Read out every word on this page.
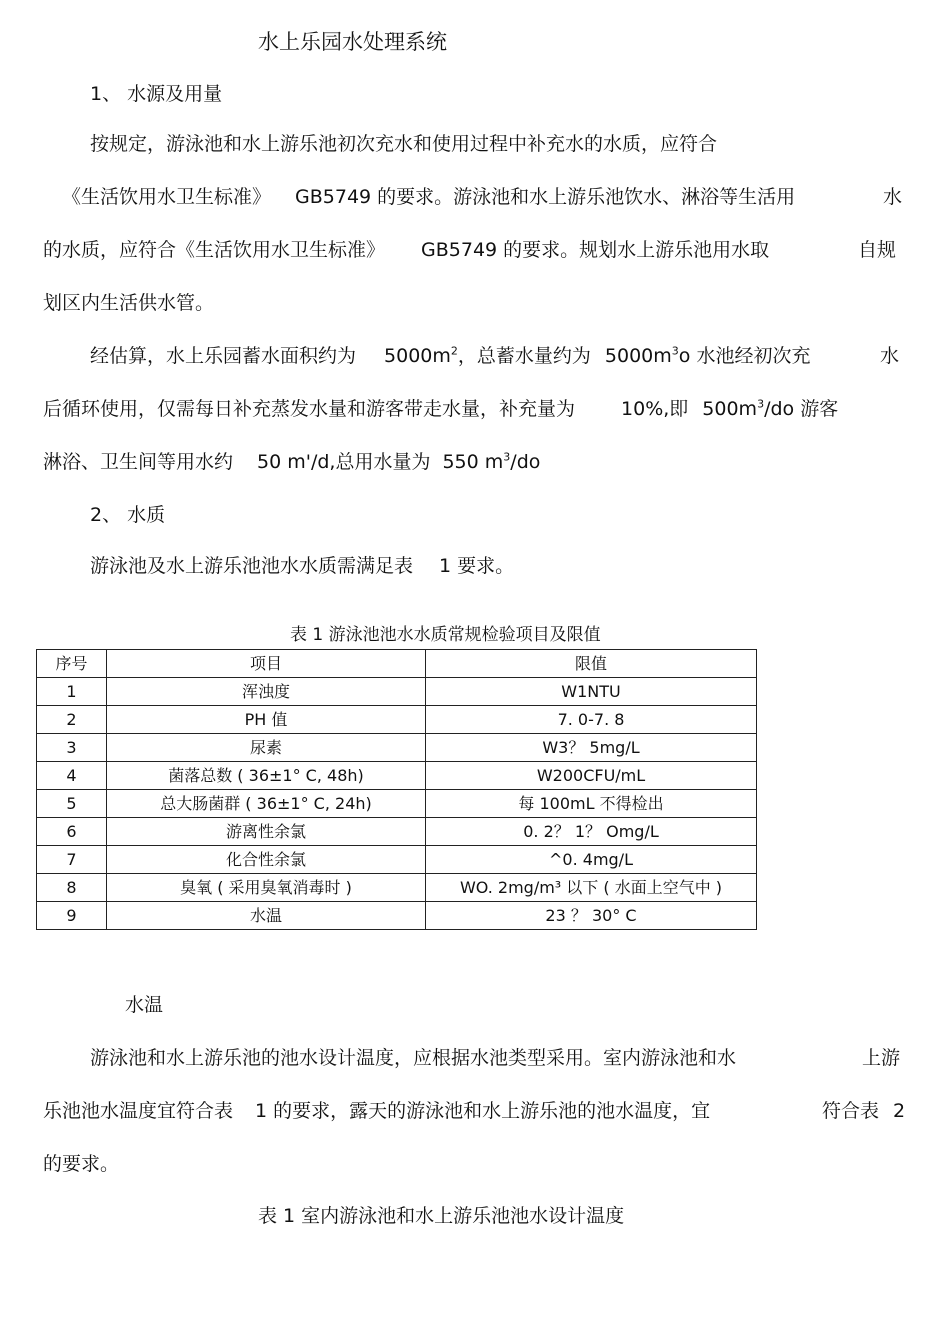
水上乐园水处理系统
1、 水源及用量
按规定，游泳池和水上游乐池初次充水和使用过程中补充水的水质，应符合
《生活饮用水卫生标准》 GB5749 的要求。游泳池和水上游乐池饮水、淋浴等生活用	水
的水质，应符合《生活饮用水卫生标准》 GB5749 的要求。规划水上游乐池用水取	自规
划区内生活供水管。
经估算，水上乐园蓄水面积约为 $5000m^2$，总蓄水量约为 $5000m^3o$ 水池经初次充	水
后循环使用，仅需每日补充蒸发水量和游客带走水量，补充量为 10%,即 $500m^3/do$ 游客
淋浴、卫生间等用水约 50 m'/d,总用水量为 550 $m^3/do$
2、 水质
游泳池及水上游乐池池水水质需满足表 1 要求。
表 1 游泳池池水水质常规检验项目及限值
序号	项目	限值
1	浑浊度	W1NTU
2	PH 值	7. 0-7. 8
3	尿素	W3？ 5mg/L
4	菌落总数 ( 36±1° C, 48h)	W200CFU/mL
5	总大肠菌群 ( 36±1° C, 24h)	每 100mL 不得检出
6	游离性余氯	0. 2？ 1？ Omg/L
7	化合性余氯	^0. 4mg/L
8	臭氧 ( 采用臭氧消毒时 )	WO. 2mg/m³ 以下 ( 水面上空气中 )
9	水温	23 ？ 30° C
水温
游泳池和水上游乐池的池水设计温度，应根据水池类型采用。室内游泳池和水	上游
乐池池水温度宜符合表 1 的要求，露天的游泳池和水上游乐池的池水温度，宜	符合表 2
的要求。
表 1 室内游泳池和水上游乐池池水设计温度
